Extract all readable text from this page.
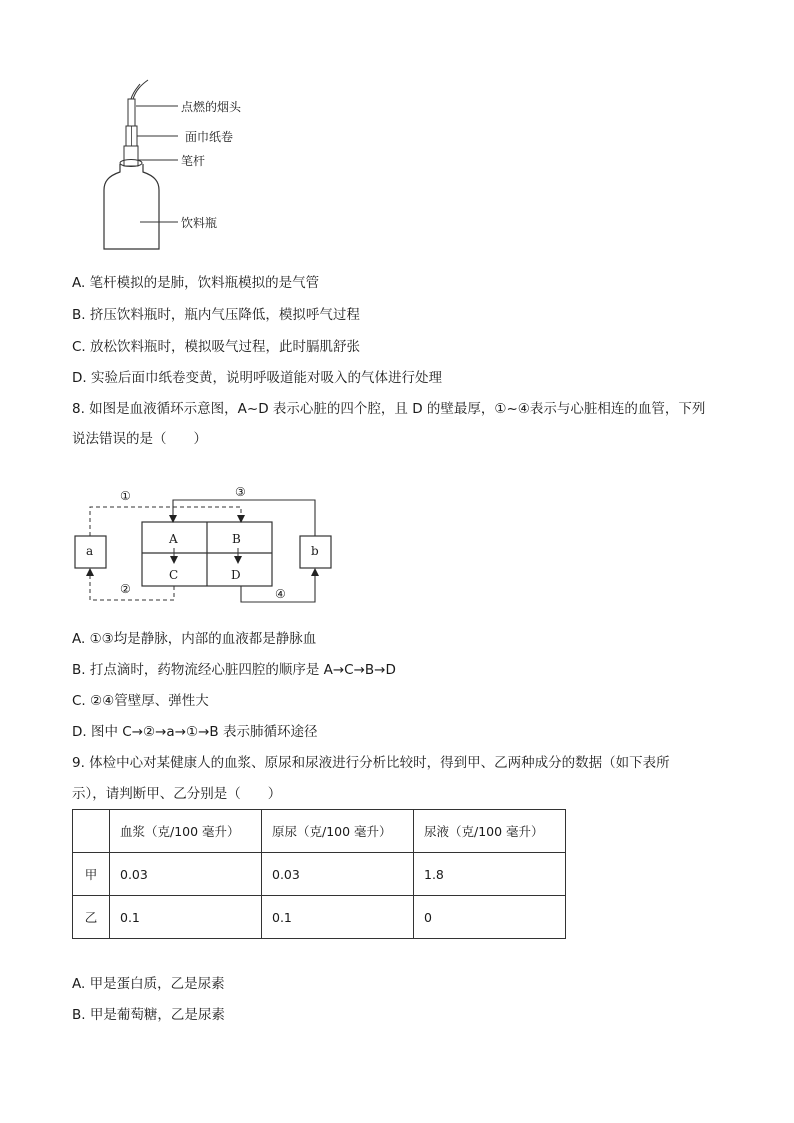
点燃的烟头
面巾纸卷
笔杆
饮料瓶
A. 笔杆模拟的是肺，饮料瓶模拟的是气管
B. 挤压饮料瓶时，瓶内气压降低，模拟呼气过程
C. 放松饮料瓶时，模拟吸气过程，此时膈肌舒张
D. 实验后面巾纸卷变黄，说明呼吸道能对吸入的气体进行处理
8. 如图是血液循环示意图，A~D 表示心脏的四个腔，且 D 的壁最厚，①~④表示与心脏相连的血管，下列
说法错误的是（　　）
a	b
A	B
C	D
①
②
③
④
A. ①③均是静脉，内部的血液都是静脉血
B. 打点滴时，药物流经心脏四腔的顺序是 A→C→B→D
C. ②④管壁厚、弹性大
D. 图中 C→②→a→①→B 表示肺循环途径
9. 体检中心对某健康人的血浆、原尿和尿液进行分析比较时，得到甲、乙两种成分的数据（如下表所
示），请判断甲、乙分别是（　　）
	血浆（克/100 毫升）	原尿（克/100 毫升）	尿液（克/100 毫升）
甲	0.03	0.03	1.8
乙	0.1	0.1	0
A. 甲是蛋白质，乙是尿素
B. 甲是葡萄糖，乙是尿素
